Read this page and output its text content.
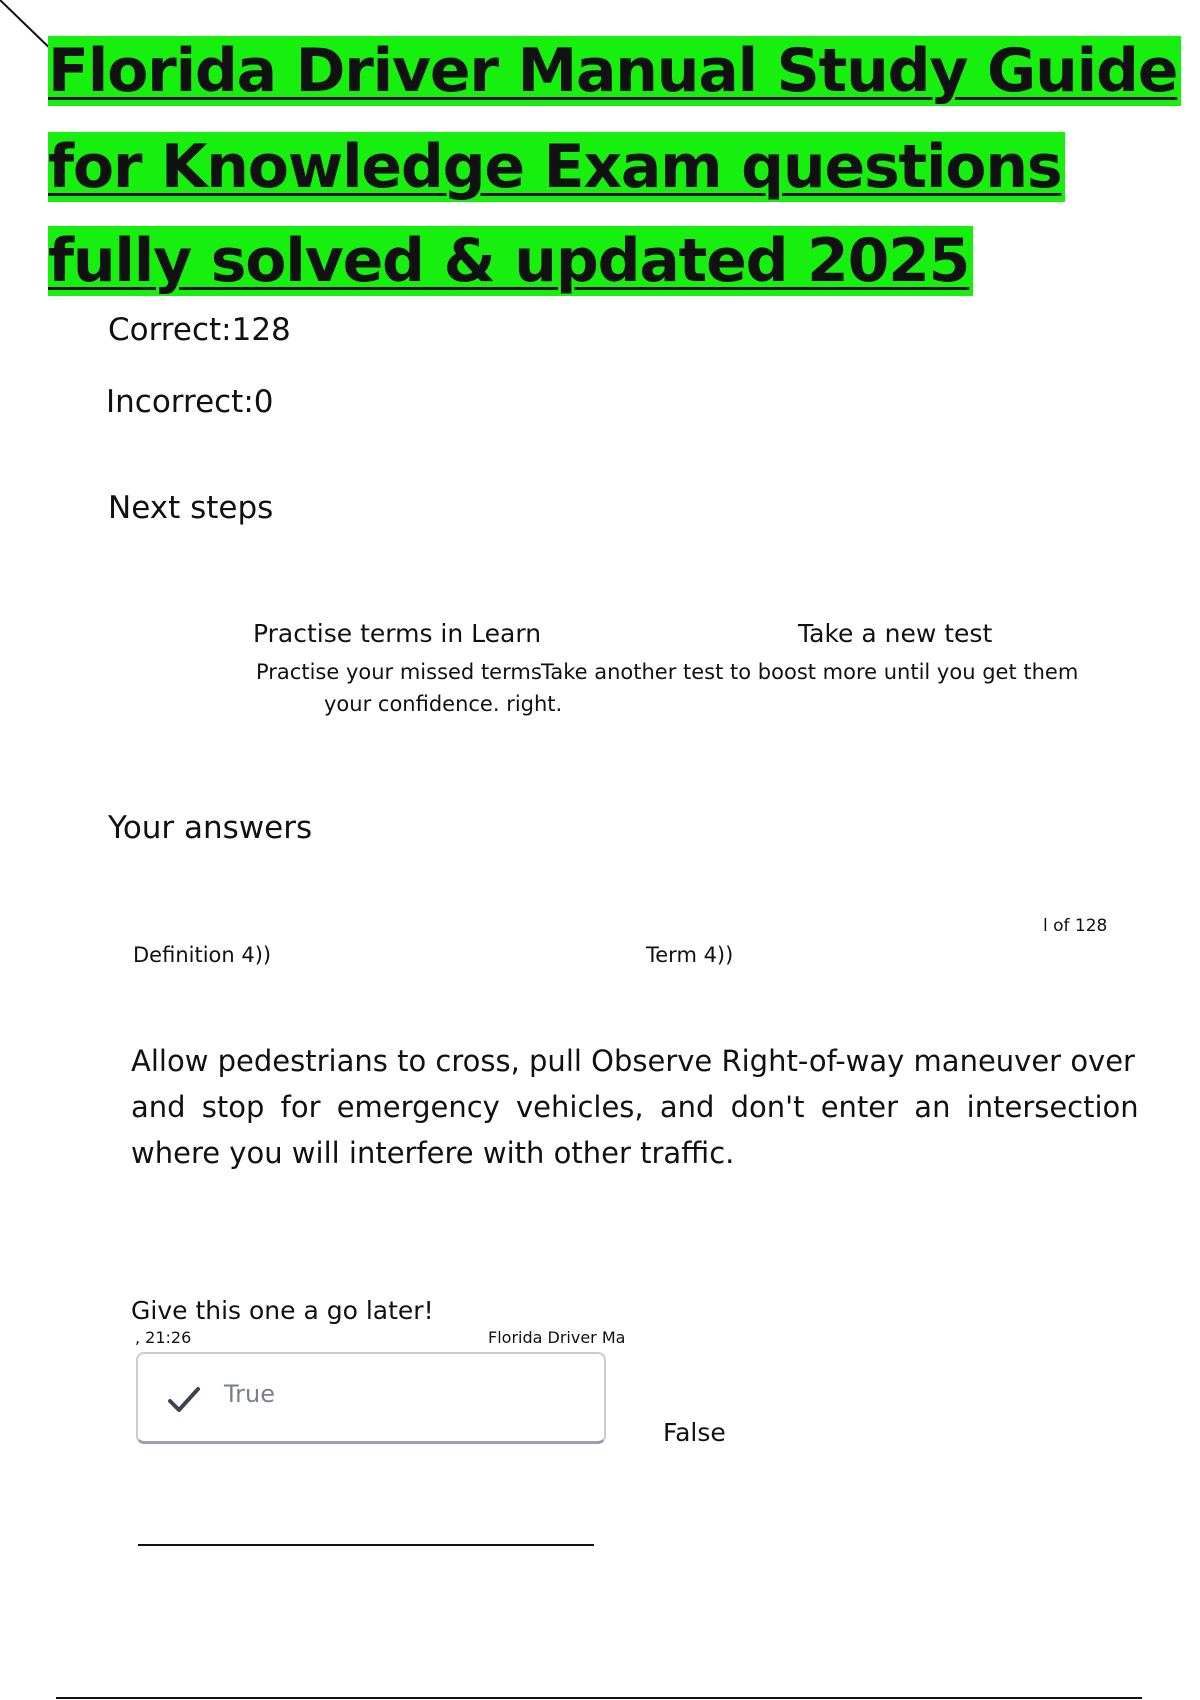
Florida Driver Manual Study Guide
for Knowledge Exam questions
fully solved & updated 2025
Correct:128
Incorrect:0
Next steps
Practise terms in Learn	Take a new test
Practise your missed terms Take another test to boost more until you get them
your confidence. right.
Your answers
l of 128
Definition 4))	Term 4))
Allow pedestrians to cross, pull Observe Right-of-way maneuver over
and stop for emergency vehicles, and don't enter an intersection
where you will interfere with other traffic.
Give this one a go later!
, 21:26	Florida Driver Ma
True
False
